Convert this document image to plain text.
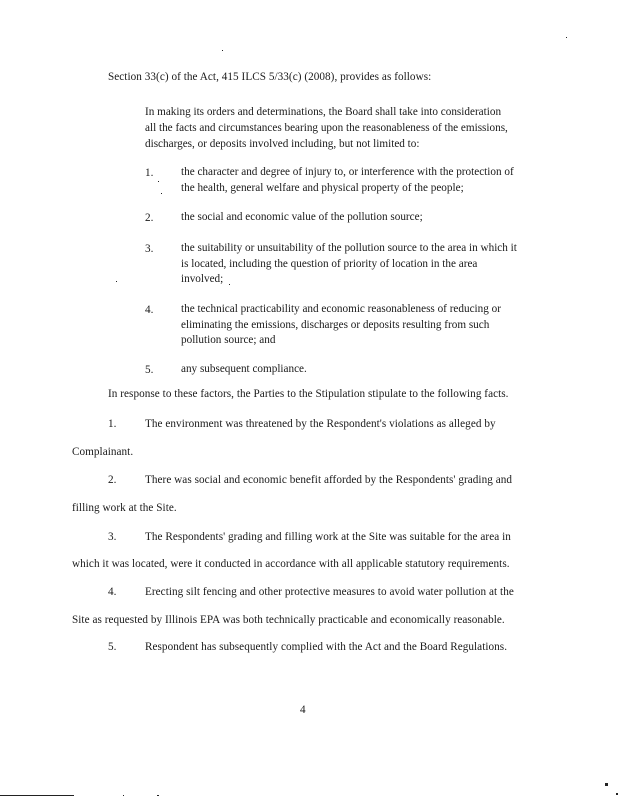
Section 33(c) of the Act, 415 ILCS 5/33(c) (2008), provides as follows:
In making its orders and determinations, the Board shall take into consideration
all the facts and circumstances bearing upon the reasonableness of the emissions,
discharges, or deposits involved including, but not limited to:
1. the character and degree of injury to, or interference with the protection of
the health, general welfare and physical property of the people;
2. the social and economic value of the pollution source;
3. the suitability or unsuitability of the pollution source to the area in which it
is located, including the question of priority of location in the area
involved;
4. the technical practicability and economic reasonableness of reducing or
eliminating the emissions, discharges or deposits resulting from such
pollution source; and
5. any subsequent compliance.
In response to these factors, the Parties to the Stipulation stipulate to the following facts.
1.	The environment was threatened by the Respondent's violations as alleged by
Complainant.
2.	There was social and economic benefit afforded by the Respondents' grading and
filling work at the Site.
3.	The Respondents' grading and filling work at the Site was suitable for the area in
which it was located, were it conducted in accordance with all applicable statutory requirements.
4.	Erecting silt fencing and other protective measures to avoid water pollution at the
Site as requested by Illinois EPA was both technically practicable and economically reasonable.
5.	Respondent has subsequently complied with the Act and the Board Regulations.
4
